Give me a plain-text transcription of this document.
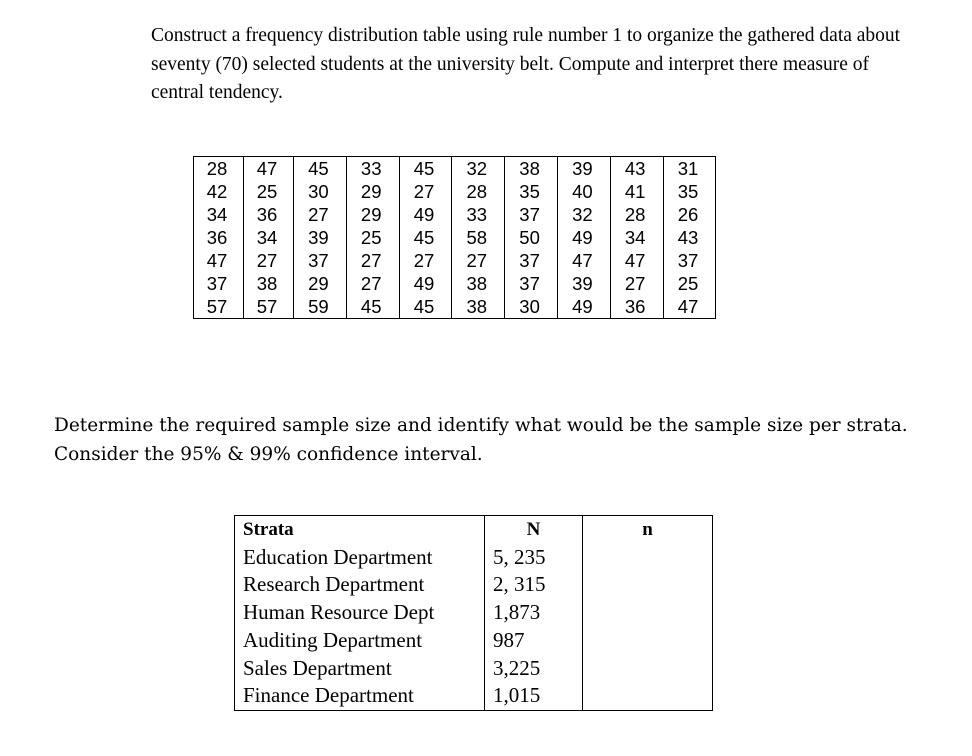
Construct a frequency distribution table using rule number 1 to organize the gathered data about seventy (70) selected students at the university belt. Compute and interpret there measure of central tendency.

28	47	45	33	45	32	38	39	43	31
42	25	30	29	27	28	35	40	41	35
34	36	27	29	49	33	37	32	28	26
36	34	39	25	45	58	50	49	34	43
47	27	37	27	27	27	37	47	47	37
37	38	29	27	49	38	37	39	27	25
57	57	59	45	45	38	30	49	36	47

Determine the required sample size and identify what would be the sample size per strata. Consider the 95% & 99% confidence interval.

Strata	N	n
Education Department	5, 235	
Research Department	2, 315	
Human Resource Dept	1,873	
Auditing Department	987	
Sales Department	3,225	
Finance Department	1,015	
